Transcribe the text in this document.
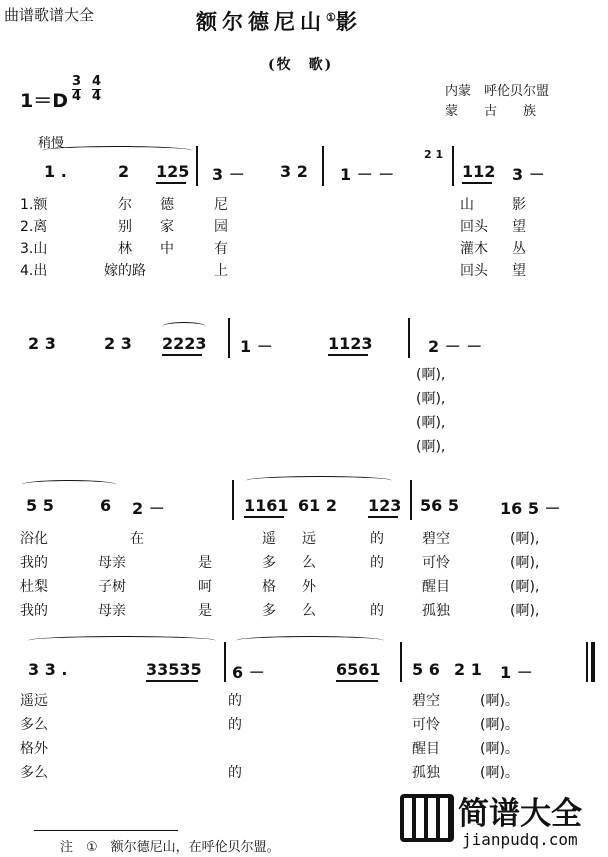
曲谱歌谱大全	额尔德尼山①影
(牧　歌)
内蒙　呼伦贝尔盟
蒙　　古　　族
$1=D \frac{3}{4} \frac{4}{4}$
稍慢
1 .	2 125 3 － 3 2 1 － －
2 1
112 3 －
1.额	尔 德	尼	山	影
2.离	别 家	园	回头 望
3.山	林 中	有	灌木 丛
4.出	嫁的路	上	回头 望
2 3	2 3 2223 1 －	1123	2 － －
(啊),
(啊),
(啊),
(啊),
5 5	6 2 －	1161 61 2 123 56 5	16 5 －
浴化	在	遥 远	的	碧空	(啊),
我的	母亲	是	多 么	的	可怜	(啊),
杜梨	子树	呵	格 外	醒目	(啊),
我的	母亲	是	多 么	的	孤独	(啊),
3 3 .	33535 6 －	6561 5 6 2 1 1 －
遥远	的	碧空	(啊)。
多么	的	可怜	(啊)。
格外	醒目	(啊)。
多么	的	孤独	(啊)。
注　①　额尔德尼山，在呼伦贝尔盟。
简谱大全
jianpudq.com
